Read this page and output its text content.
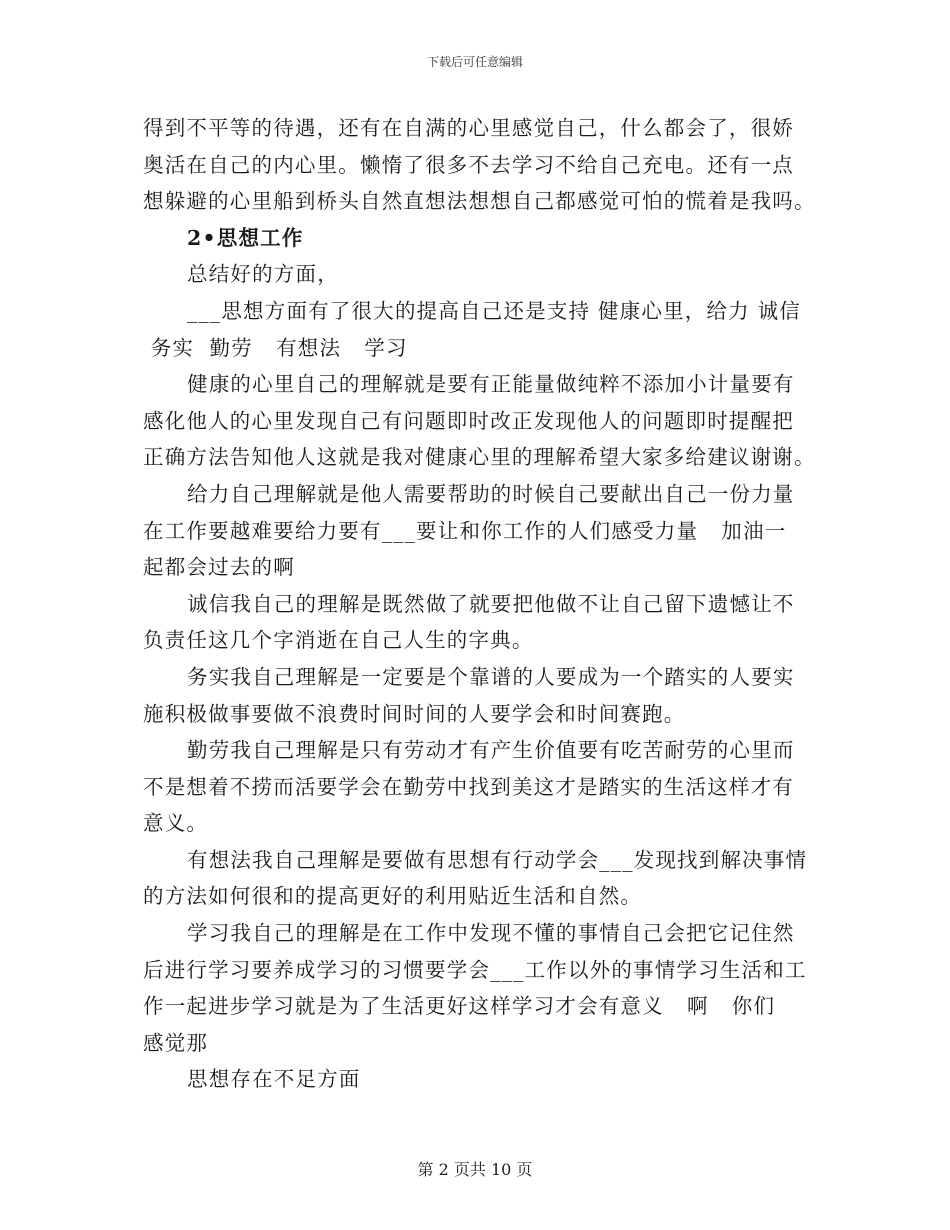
下载后可任意编辑
得到不平等的待遇，还有在自满的心里感觉自己，什么都会了，很娇
奥活在自己的内心里。懒惰了很多不去学习不给自己充电。还有一点
想躲避的心里船到桥头自然直想法想想自己都感觉可怕的慌着是我吗。
2•思想工作
总结好的方面，
___思想方面有了很大的提高自己还是支持 健康心里，给力 诚信
务实  勤劳   有想法   学习
健康的心里自己的理解就是要有正能量做纯粹不添加小计量要有
感化他人的心里发现自己有问题即时改正发现他人的问题即时提醒把
正确方法告知他人这就是我对健康心里的理解希望大家多给建议谢谢。
给力自己理解就是他人需要帮助的时候自己要献出自己一份力量
在工作要越难要给力要有___要让和你工作的人们感受力量   加油一
起都会过去的啊
诚信我自己的理解是既然做了就要把他做不让自己留下遗憾让不
负责任这几个字消逝在自己人生的字典。
务实我自己理解是一定要是个靠谱的人要成为一个踏实的人要实
施积极做事要做不浪费时间时间的人要学会和时间赛跑。
勤劳我自己理解是只有劳动才有产生价值要有吃苦耐劳的心里而
不是想着不捞而活要学会在勤劳中找到美这才是踏实的生活这样才有
意义。
有想法我自己理解是要做有思想有行动学会___发现找到解决事情
的方法如何很和的提高更好的利用贴近生活和自然。
学习我自己的理解是在工作中发现不懂的事情自己会把它记住然
后进行学习要养成学习的习惯要学会___工作以外的事情学习生活和工
作一起进步学习就是为了生活更好这样学习才会有意义   啊   你们
感觉那
思想存在不足方面
第 2 页共 10 页
